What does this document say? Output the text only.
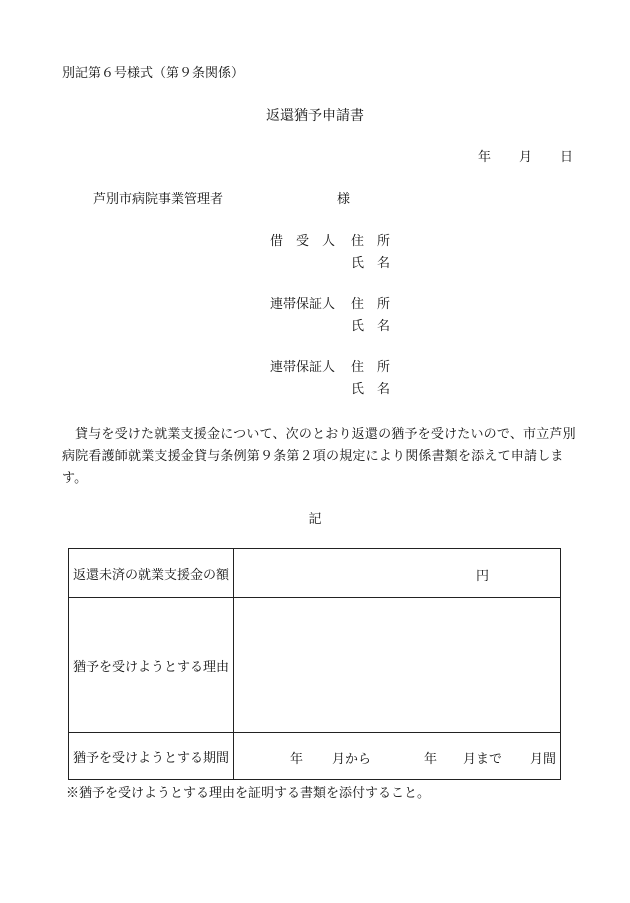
別記第６号様式（第９条関係）
返還猶予申請書
年 月 日
芦別市病院事業管理者	様
借　受　人 住　所
氏　名
連帯保証人 住　所
氏　名
連帯保証人 住　所
氏　名
貸与を受けた就業支援金について、次のとおり返還の猶予を受けたいので、市立芦別病院看護師就業支援金貸与条例第９条第２項の規定により関係書類を添えて申請します。
記
返還未済の就業支援金の額	円

猶予を受けようとする理由	
猶予を受けようとする期間	年 月から 年 月まで 月間
※猶予を受けようとする理由を証明する書類を添付すること。
